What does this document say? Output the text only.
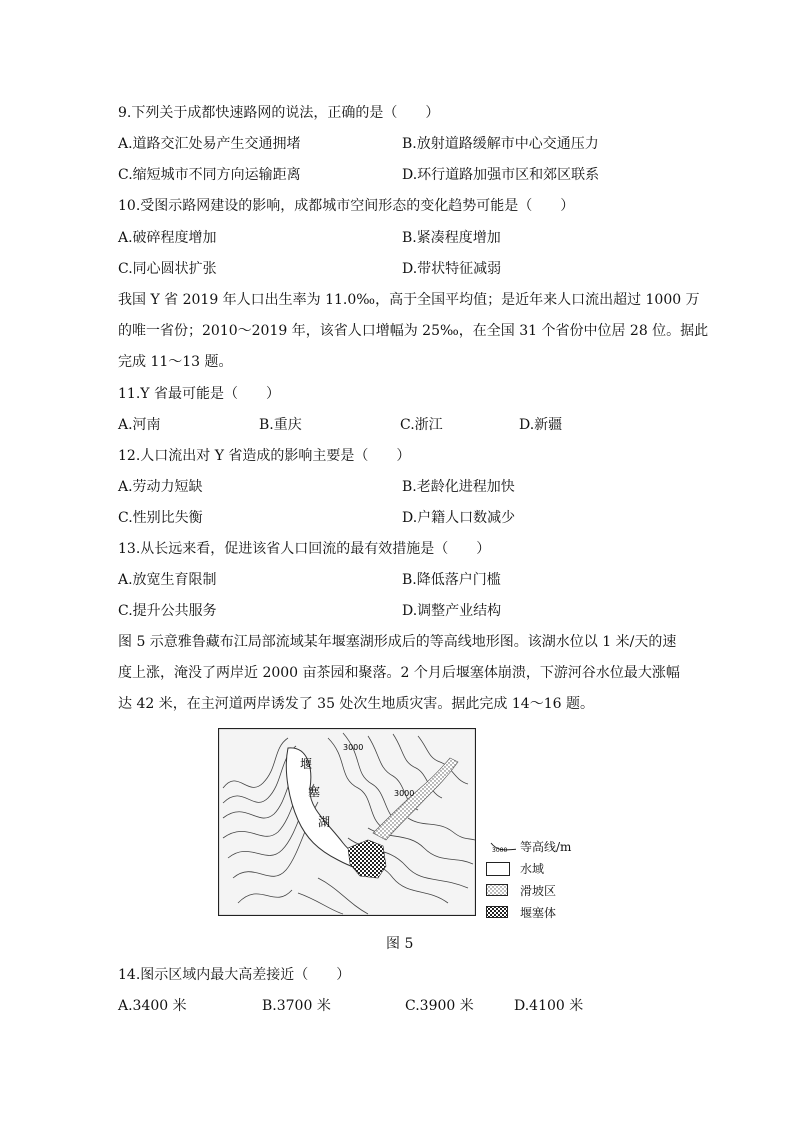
9.下列关于成都快速路网的说法，正确的是（　　）
A.道路交汇处易产生交通拥堵	B.放射道路缓解市中心交通压力
C.缩短城市不同方向运输距离	D.环行道路加强市区和郊区联系
10.受图示路网建设的影响，成都城市空间形态的变化趋势可能是（　　）
A.破碎程度增加	B.紧凑程度增加
C.同心圆状扩张	D.带状特征减弱
我国 Y 省 2019 年人口出生率为 11.0‰，高于全国平均值；是近年来人口流出超过 1000 万
的唯一省份；2010～2019 年，该省人口增幅为 25‰，在全国 31 个省份中位居 28 位。据此
完成 11～13 题。
11.Y 省最可能是（　　）
A.河南	B.重庆	C.浙江	D.新疆
12.人口流出对 Y 省造成的影响主要是（　　）
A.劳动力短缺	B.老龄化进程加快
C.性别比失衡	D.户籍人口数减少
13.从长远来看，促进该省人口回流的最有效措施是（　　）
A.放宽生育限制	B.降低落户门槛
C.提升公共服务	D.调整产业结构
图 5 示意雅鲁藏布江局部流域某年堰塞湖形成后的等高线地形图。该湖水位以 1 米/天的速
度上涨，淹没了两岸近 2000 亩茶园和聚落。2 个月后堰塞体崩溃，下游河谷水位最大涨幅
达 42 米，在主河道两岸诱发了 35 处次生地质灾害。据此完成 14～16 题。
堰
塞
湖
3000
3000
3000 等高线/m
水域
滑坡区
堰塞体
图 5
14.图示区域内最大高差接近（　　）
A.3400 米	B.3700 米	C.3900 米	D.4100 米
